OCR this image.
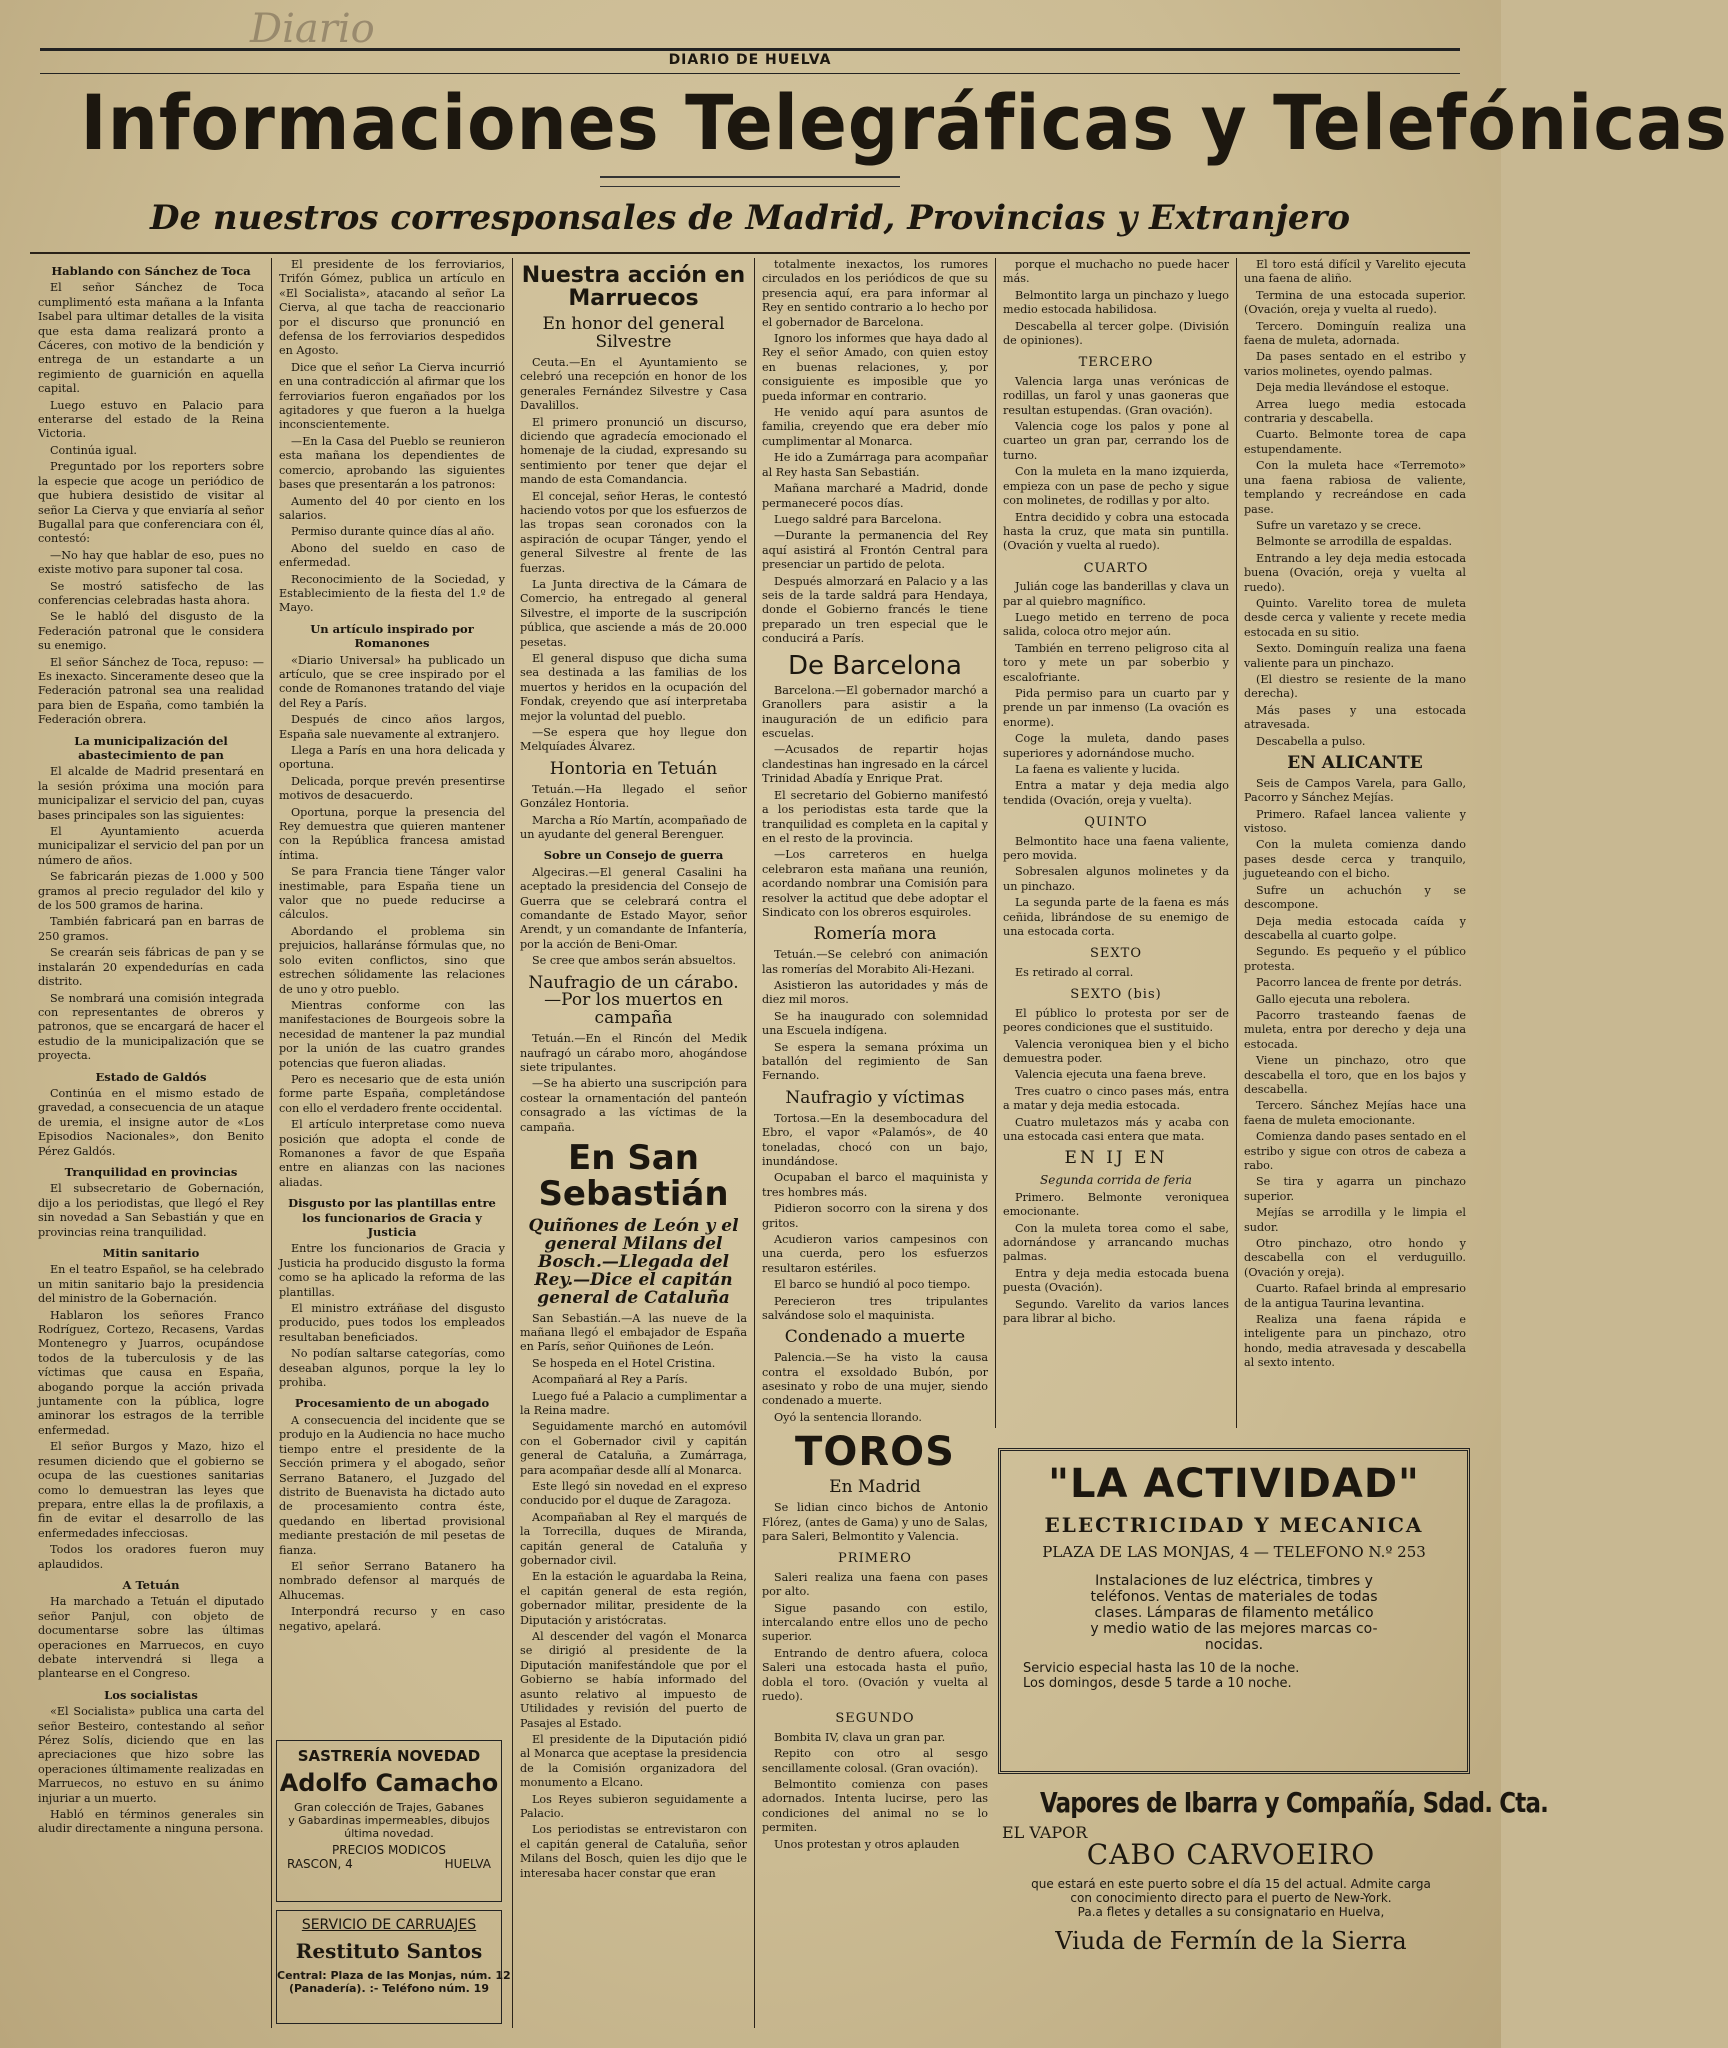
Diario
DIARIO DE HUELVA
Informaciones Telegráficas y Telefónicas
De nuestros corresponsales de Madrid, Provincias y Extranjero
Hablando con Sánchez de Toca

El señor Sánchez de Toca cumplimentó esta mañana a la Infanta Isabel para ultimar detalles de la visita que esta dama realizará pronto a Cáceres, con motivo de la bendición y entrega de un estandarte a un regimiento de guarnición en aquella capital.

Luego estuvo en Palacio para enterarse del estado de la Reina Victoria.

Continúa igual.

Preguntado por los reporters sobre la especie que acoge un periódico de que hubiera desistido de visitar al señor La Cierva y que enviaría al señor Bugallal para que conferenciara con él, contestó:

—No hay que hablar de eso, pues no existe motivo para suponer tal cosa.

Se mostró satisfecho de las conferencias celebradas hasta ahora.

Se le habló del disgusto de la Federación patronal que le considera su enemigo.

El señor Sánchez de Toca, repuso: —Es inexacto. Sinceramente deseo que la Federación patronal sea una realidad para bien de España, como también la Federación obrera.

La municipalización del abastecimiento de pan

El alcalde de Madrid presentará en la sesión próxima una moción para municipalizar el servicio del pan, cuyas bases principales son las siguientes:

El Ayuntamiento acuerda municipalizar el servicio del pan por un número de años.

Se fabricarán piezas de 1.000 y 500 gramos al precio regulador del kilo y de los 500 gramos de harina.

También fabricará pan en barras de 250 gramos.

Se crearán seis fábricas de pan y se instalarán 20 expendedurías en cada distrito.

Se nombrará una comisión integrada con representantes de obreros y patronos, que se encargará de hacer el estudio de la municipalización que se proyecta.

Estado de Galdós

Continúa en el mismo estado de gravedad, a consecuencia de un ataque de uremia, el insigne autor de «Los Episodios Nacionales», don Benito Pérez Galdós.

Tranquilidad en provincias

El subsecretario de Gobernación, dijo a los periodistas, que llegó el Rey sin novedad a San Sebastián y que en provincias reina tranquilidad.

Mitin sanitario

En el teatro Español, se ha celebrado un mitin sanitario bajo la presidencia del ministro de la Gobernación.

Hablaron los señores Franco Rodríguez, Cortezo, Recasens, Vardas Montenegro y Juarros, ocupándose todos de la tuberculosis y de las víctimas que causa en España, abogando porque la acción privada juntamente con la pública, logre aminorar los estragos de la terrible enfermedad.

El señor Burgos y Mazo, hizo el resumen diciendo que el gobierno se ocupa de las cuestiones sanitarias como lo demuestran las leyes que prepara, entre ellas la de profilaxis, a fin de evitar el desarrollo de las enfermedades infecciosas.

Todos los oradores fueron muy aplaudidos.

A Tetuán

Ha marchado a Tetuán el diputado señor Panjul, con objeto de documentarse sobre las últimas operaciones en Marruecos, en cuyo debate intervendrá si llega a plantearse en el Congreso.

Los socialistas

«El Socialista» publica una carta del señor Besteiro, contestando al señor Pérez Solís, diciendo que en las apreciaciones que hizo sobre las operaciones últimamente realizadas en Marruecos, no estuvo en su ánimo injuriar a un muerto.

Habló en términos generales sin aludir directamente a ninguna persona.

El presidente de los ferroviarios, Trifón Gómez, publica un artículo en «El Socialista», atacando al señor La Cierva, al que tacha de reaccionario por el discurso que pronunció en defensa de los ferroviarios despedidos en Agosto.

Dice que el señor La Cierva incurrió en una contradicción al afirmar que los ferroviarios fueron engañados por los agitadores y que fueron a la huelga inconscientemente.

—En la Casa del Pueblo se reunieron esta mañana los dependientes de comercio, aprobando las siguientes bases que presentarán a los patronos:

Aumento del 40 por ciento en los salarios.

Permiso durante quince días al año.

Abono del sueldo en caso de enfermedad.

Reconocimiento de la Sociedad, y Establecimiento de la fiesta del 1.º de Mayo.

Un artículo inspirado por Romanones

«Diario Universal» ha publicado un artículo, que se cree inspirado por el conde de Romanones tratando del viaje del Rey a París.

Después de cinco años largos, España sale nuevamente al extranjero.

Llega a París en una hora delicada y oportuna.

Delicada, porque prevén presentirse motivos de desacuerdo.

Oportuna, porque la presencia del Rey demuestra que quieren mantener con la República francesa amistad íntima.

Se para Francia tiene Tánger valor inestimable, para España tiene un valor que no puede reducirse a cálculos.

Abordando el problema sin prejuicios, hallaránse fórmulas que, no solo eviten conflictos, sino que estrechen sólidamente las relaciones de uno y otro pueblo.

Mientras conforme con las manifestaciones de Bourgeois sobre la necesidad de mantener la paz mundial por la unión de las cuatro grandes potencias que fueron aliadas.

Pero es necesario que de esta unión forme parte España, completándose con ello el verdadero frente occidental.

El artículo interpretase como nueva posición que adopta el conde de Romanones a favor de que España entre en alianzas con las naciones aliadas.

Disgusto por las plantillas entre los funcionarios de Gracia y Justicia

Entre los funcionarios de Gracia y Justicia ha producido disgusto la forma como se ha aplicado la reforma de las plantillas.

El ministro extráñase del disgusto producido, pues todos los empleados resultaban beneficiados.

No podían saltarse categorías, como deseaban algunos, porque la ley lo prohiba.

Procesamiento de un abogado

A consecuencia del incidente que se produjo en la Audiencia no hace mucho tiempo entre el presidente de la Sección primera y el abogado, señor Serrano Batanero, el Juzgado del distrito de Buenavista ha dictado auto de procesamiento contra éste, quedando en libertad provisional mediante prestación de mil pesetas de fianza.

El señor Serrano Batanero ha nombrado defensor al marqués de Alhucemas.

Interpondrá recurso y en caso negativo, apelará.

SASTRERÍA NOVEDAD
Adolfo Camacho
Gran colección de Trajes, Gabanes
y Gabardinas impermeables, dibujos
última novedad.
PRECIOS MODICOS
RASCON, 4	HUELVA
SERVICIO DE CARRUAJES
Restituto Santos
Central: Plaza de las Monjas, núm. 12
(Panadería). :- Teléfono núm. 19
Nuestra acción en Marruecos
En honor del general Silvestre

Ceuta.—En el Ayuntamiento se celebró una recepción en honor de los generales Fernández Silvestre y Casa Davalillos.

El primero pronunció un discurso, diciendo que agradecía emocionado el homenaje de la ciudad, expresando su sentimiento por tener que dejar el mando de esta Comandancia.

El concejal, señor Heras, le contestó haciendo votos por que los esfuerzos de las tropas sean coronados con la aspiración de ocupar Tánger, yendo el general Silvestre al frente de las fuerzas.

La Junta directiva de la Cámara de Comercio, ha entregado al general Silvestre, el importe de la suscripción pública, que asciende a más de 20.000 pesetas.

El general dispuso que dicha suma sea destinada a las familias de los muertos y heridos en la ocupación del Fondak, creyendo que así interpretaba mejor la voluntad del pueblo.

—Se espera que hoy llegue don Melquíades Álvarez.

Hontoria en Tetuán

Tetuán.—Ha llegado el señor González Hontoria.

Marcha a Río Martín, acompañado de un ayudante del general Berenguer.

Sobre un Consejo de guerra

Algeciras.—El general Casalini ha aceptado la presidencia del Consejo de Guerra que se celebrará contra el comandante de Estado Mayor, señor Arendt, y un comandante de Infantería, por la acción de Beni-Omar.

Se cree que ambos serán absueltos.

Naufragio de un cárabo.—Por los muertos en campaña

Tetuán.—En el Rincón del Medik naufragó un cárabo moro, ahogándose siete tripulantes.

—Se ha abierto una suscripción para costear la ornamentación del panteón consagrado a las víctimas de la campaña.

En San Sebastián
Quiñones de León y el general Milans del Bosch.—Llegada del Rey.—Dice el capitán general de Cataluña

San Sebastián.—A las nueve de la mañana llegó el embajador de España en París, señor Quiñones de León.

Se hospeda en el Hotel Cristina.

Acompañará al Rey a París.

Luego fué a Palacio a cumplimentar a la Reina madre.

Seguidamente marchó en automóvil con el Gobernador civil y capitán general de Cataluña, a Zumárraga, para acompañar desde allí al Monarca.

Este llegó sin novedad en el expreso conducido por el duque de Zaragoza.

Acompañaban al Rey el marqués de la Torrecilla, duques de Miranda, capitán general de Cataluña y gobernador civil.

En la estación le aguardaba la Reina, el capitán general de esta región, gobernador militar, presidente de la Diputación y aristócratas.

Al descender del vagón el Monarca se dirigió al presidente de la Diputación manifestándole que por el Gobierno se había informado del asunto relativo al impuesto de Utilidades y revisión del puerto de Pasajes al Estado.

El presidente de la Diputación pidió al Monarca que aceptase la presidencia de la Comisión organizadora del monumento a Elcano.

Los Reyes subieron seguidamente a Palacio.

Los periodistas se entrevistaron con el capitán general de Cataluña, señor Milans del Bosch, quien les dijo que le interesaba hacer constar que eran

totalmente inexactos, los rumores circulados en los periódicos de que su presencia aquí, era para informar al Rey en sentido contrario a lo hecho por el gobernador de Barcelona.

Ignoro los informes que haya dado al Rey el señor Amado, con quien estoy en buenas relaciones, y, por consiguiente es imposible que yo pueda informar en contrario.

He venido aquí para asuntos de familia, creyendo que era deber mío cumplimentar al Monarca.

He ido a Zumárraga para acompañar al Rey hasta San Sebastián.

Mañana marcharé a Madrid, donde permaneceré pocos días.

Luego saldré para Barcelona.

—Durante la permanencia del Rey aquí asistirá al Frontón Central para presenciar un partido de pelota.

Después almorzará en Palacio y a las seis de la tarde saldrá para Hendaya, donde el Gobierno francés le tiene preparado un tren especial que le conducirá a París.

De Barcelona

Barcelona.—El gobernador marchó a Granollers para asistir a la inauguración de un edificio para escuelas.

—Acusados de repartir hojas clandestinas han ingresado en la cárcel Trinidad Abadía y Enrique Prat.

El secretario del Gobierno manifestó a los periodistas esta tarde que la tranquilidad es completa en la capital y en el resto de la provincia.

—Los carreteros en huelga celebraron esta mañana una reunión, acordando nombrar una Comisión para resolver la actitud que debe adoptar el Sindicato con los obreros esquiroles.

Romería mora

Tetuán.—Se celebró con animación las romerías del Morabito Ali-Hezani.

Asistieron las autoridades y más de diez mil moros.

Se ha inaugurado con solemnidad una Escuela indígena.

Se espera la semana próxima un batallón del regimiento de San Fernando.

Naufragio y víctimas

Tortosa.—En la desembocadura del Ebro, el vapor «Palamós», de 40 toneladas, chocó con un bajo, inundándose.

Ocupaban el barco el maquinista y tres hombres más.

Pidieron socorro con la sirena y dos gritos.

Acudieron varios campesinos con una cuerda, pero los esfuerzos resultaron estériles.

El barco se hundió al poco tiempo.

Perecieron tres tripulantes salvándose solo el maquinista.

Condenado a muerte

Palencia.—Se ha visto la causa contra el exsoldado Bubón, por asesinato y robo de una mujer, siendo condenado a muerte.

Oyó la sentencia llorando.

TOROS
En Madrid

Se lidian cinco bichos de Antonio Flórez, (antes de Gama) y uno de Salas, para Saleri, Belmontito y Valencia.

PRIMERO

Saleri realiza una faena con pases por alto.

Sigue pasando con estilo, intercalando entre ellos uno de pecho superior.

Entrando de dentro afuera, coloca Saleri una estocada hasta el puño, dobla el toro. (Ovación y vuelta al ruedo).

SEGUNDO

Bombita IV, clava un gran par.

Repito con otro al sesgo sencillamente colosal. (Gran ovación).

Belmontito comienza con pases adornados. Intenta lucirse, pero las condiciones del animal no se lo permiten.

Unos protestan y otros aplauden

porque el muchacho no puede hacer más.

Belmontito larga un pinchazo y luego medio estocada habilidosa.

Descabella al tercer golpe. (División de opiniones).

TERCERO

Valencia larga unas verónicas de rodillas, un farol y unas gaoneras que resultan estupendas. (Gran ovación).

Valencia coge los palos y pone al cuarteo un gran par, cerrando los de turno.

Con la muleta en la mano izquierda, empieza con un pase de pecho y sigue con molinetes, de rodillas y por alto.

Entra decidido y cobra una estocada hasta la cruz, que mata sin puntilla. (Ovación y vuelta al ruedo).

CUARTO

Julián coge las banderillas y clava un par al quiebro magnífico.

Luego metido en terreno de poca salida, coloca otro mejor aún.

También en terreno peligroso cita al toro y mete un par soberbio y escalofriante.

Pida permiso para un cuarto par y prende un par inmenso (La ovación es enorme).

Coge la muleta, dando pases superiores y adornándose mucho.

La faena es valiente y lucida.

Entra a matar y deja media algo tendida (Ovación, oreja y vuelta).

QUINTO

Belmontito hace una faena valiente, pero movida.

Sobresalen algunos molinetes y da un pinchazo.

La segunda parte de la faena es más ceñida, librándose de su enemigo de una estocada corta.

SEXTO

Es retirado al corral.

SEXTO (bis)

El público lo protesta por ser de peores condiciones que el sustituido.

Valencia veroniquea bien y el bicho demuestra poder.

Valencia ejecuta una faena breve.

Tres cuatro o cinco pases más, entra a matar y deja media estocada.

Cuatro muletazos más y acaba con una estocada casi entera que mata.

EN IJ EN
Segunda corrida de feria

Primero. Belmonte veroniquea emocionante.

Con la muleta torea como el sabe, adornándose y arrancando muchas palmas.

Entra y deja media estocada buena puesta (Ovación).

Segundo. Varelito da varios lances para librar al bicho.

El toro está difícil y Varelito ejecuta una faena de aliño.

Termina de una estocada superior. (Ovación, oreja y vuelta al ruedo).

Tercero. Dominguín realiza una faena de muleta, adornada.

Da pases sentado en el estribo y varios molinetes, oyendo palmas.

Deja media llevándose el estoque.

Arrea luego media estocada contraria y descabella.

Cuarto. Belmonte torea de capa estupendamente.

Con la muleta hace «Terremoto» una faena rabiosa de valiente, templando y recreándose en cada pase.

Sufre un varetazo y se crece.

Belmonte se arrodilla de espaldas.

Entrando a ley deja media estocada buena (Ovación, oreja y vuelta al ruedo).

Quinto. Varelito torea de muleta desde cerca y valiente y recete media estocada en su sitio.

Sexto. Dominguín realiza una faena valiente para un pinchazo.

(El diestro se resiente de la mano derecha).

Más pases y una estocada atravesada.

Descabella a pulso.

EN ALICANTE

Seis de Campos Varela, para Gallo, Pacorro y Sánchez Mejías.

Primero. Rafael lancea valiente y vistoso.

Con la muleta comienza dando pases desde cerca y tranquilo, jugueteando con el bicho.

Sufre un achuchón y se descompone.

Deja media estocada caída y descabella al cuarto golpe.

Segundo. Es pequeño y el público protesta.

Pacorro lancea de frente por detrás.

Gallo ejecuta una rebolera.

Pacorro trasteando faenas de muleta, entra por derecho y deja una estocada.

Viene un pinchazo, otro que descabella el toro, que en los bajos y descabella.

Tercero. Sánchez Mejías hace una faena de muleta emocionante.

Comienza dando pases sentado en el estribo y sigue con otros de cabeza a rabo.

Se tira y agarra un pinchazo superior.

Mejías se arrodilla y le limpia el sudor.

Otro pinchazo, otro hondo y descabella con el verduguillo. (Ovación y oreja).

Cuarto. Rafael brinda al empresario de la antigua Taurina levantina.

Realiza una faena rápida e inteligente para un pinchazo, otro hondo, media atravesada y descabella al sexto intento.

"LA ACTIVIDAD"
ELECTRICIDAD Y MECANICA
PLAZA DE LAS MONJAS, 4 — TELEFONO N.º 253
Instalaciones de luz eléctrica, timbres y
teléfonos. Ventas de materiales de todas
clases. Lámparas de filamento metálico
y medio watio de las mejores marcas co-
nocidas.
Servicio especial hasta las 10 de la noche.
Los domingos, desde 5 tarde a 10 noche.
Vapores de Ibarra y Compañía, Sdad. Cta.
EL VAPOR
CABO CARVOEIRO
que estará en este puerto sobre el día 15 del actual. Admite carga
con conocimiento directo para el puerto de New-York.
Pa.a fletes y detalles a su consignatario en Huelva,
Viuda de Fermín de la Sierra
